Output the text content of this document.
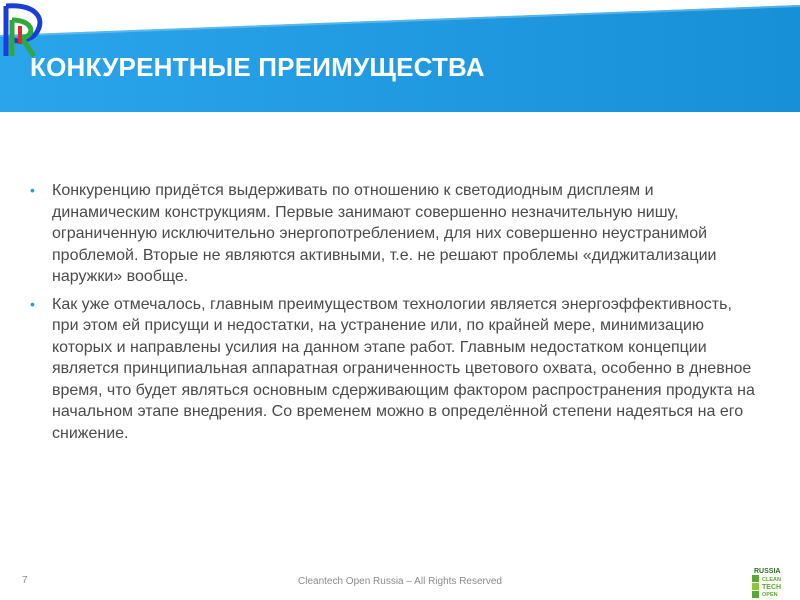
КОНКУРЕНТНЫЕ ПРЕИМУЩЕСТВА
•	Конкуренцию придётся выдерживать по отношению к светодиодным дисплеям и динамическим конструкциям. Первые занимают совершенно незначительную нишу, ограниченную исключительно энергопотреблением, для них совершенно неустранимой проблемой. Вторые не являются активными, т.е. не решают проблемы «диджитализации наружки» вообще.
•	Как уже отмечалось, главным преимуществом технологии является энергоэффективность, при этом ей присущи и недостатки, на устранение или, по крайней мере, минимизацию которых и направлены усилия на данном этапе работ. Главным недостатком концепции является принципиальная аппаратная ограниченность цветового охвата, особенно в дневное время, что будет являться основным сдерживающим фактором распространения продукта на начальном этапе внедрения. Со временем можно в определённой степени надеяться на его снижение.
7	Cleantech Open Russia – All Rights Reserved
RUSSIA
CLEAN
TECH
OPEN
